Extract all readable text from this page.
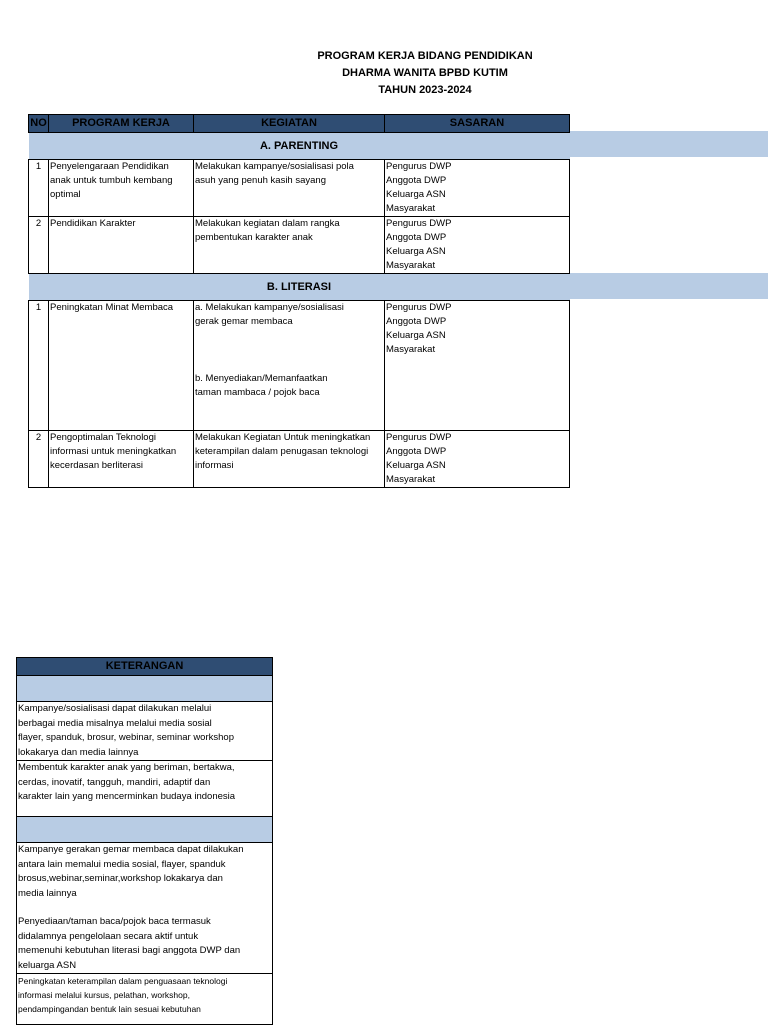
PROGRAM KERJA BIDANG PENDIDIKAN
DHARMA WANITA BPBD KUTIM
TAHUN 2023-2024
NO	PROGRAM KERJA	KEGIATAN	SASARAN
A. PARENTING			
1	Penyelengaraan Pendidikan
anak untuk tumbuh kembang
optimal	Melakukan kampanye/sosialisasi pola
asuh yang penuh kasih sayang	Pengurus DWP
Anggota DWP
Keluarga ASN
Masyarakat

2	Pendidikan Karakter	Melakukan kegiatan dalam rangka
pembentukan karakter anak	Pengurus DWP
Anggota DWP
Keluarga ASN
Masyarakat

B. LITERASI			
1	Peningkatan Minat Membaca	a. Melakukan kampanye/sosialisasi
gerak gemar membaca
b. Menyediakan/Memanfaatkan
taman mambaca / pojok baca	Pengurus DWP
Anggota DWP
Keluarga ASN
Masyarakat

2	Pengoptimalan Teknologi
informasi untuk meningkatkan
kecerdasan berliterasi	Melakukan Kegiatan Untuk meningkatkan
keterampilan dalam penugasan teknologi
informasi	Pengurus DWP
Anggota DWP
Keluarga ASN
Masyarakat
KETERANGAN

Kampanye/sosialisasi dapat dilakukan melalui
berbagai media misalnya melalui media sosial
flayer, spanduk, brosur, webinar, seminar workshop
lokakarya dan media lainnya

Membentuk karakter anak yang beriman, bertakwa,
cerdas, inovatif, tangguh, mandiri, adaptif dan
karakter lain yang mencerminkan budaya indonesia

Kampanye gerakan gemar membaca dapat dilakukan
antara lain memalui media sosial, flayer, spanduk
brosus,webinar,seminar,workshop lokakarya dan
media lainnya
Penyediaan/taman baca/pojok baca termasuk
didalamnya pengelolaan secara aktif untuk
memenuhi kebutuhan literasi bagi anggota DWP dan
keluarga ASN

Peningkatan keterampilan dalam penguasaan teknologi
informasi melalui kursus, pelathan, workshop,
pendampingandan bentuk lain sesuai kebutuhan
